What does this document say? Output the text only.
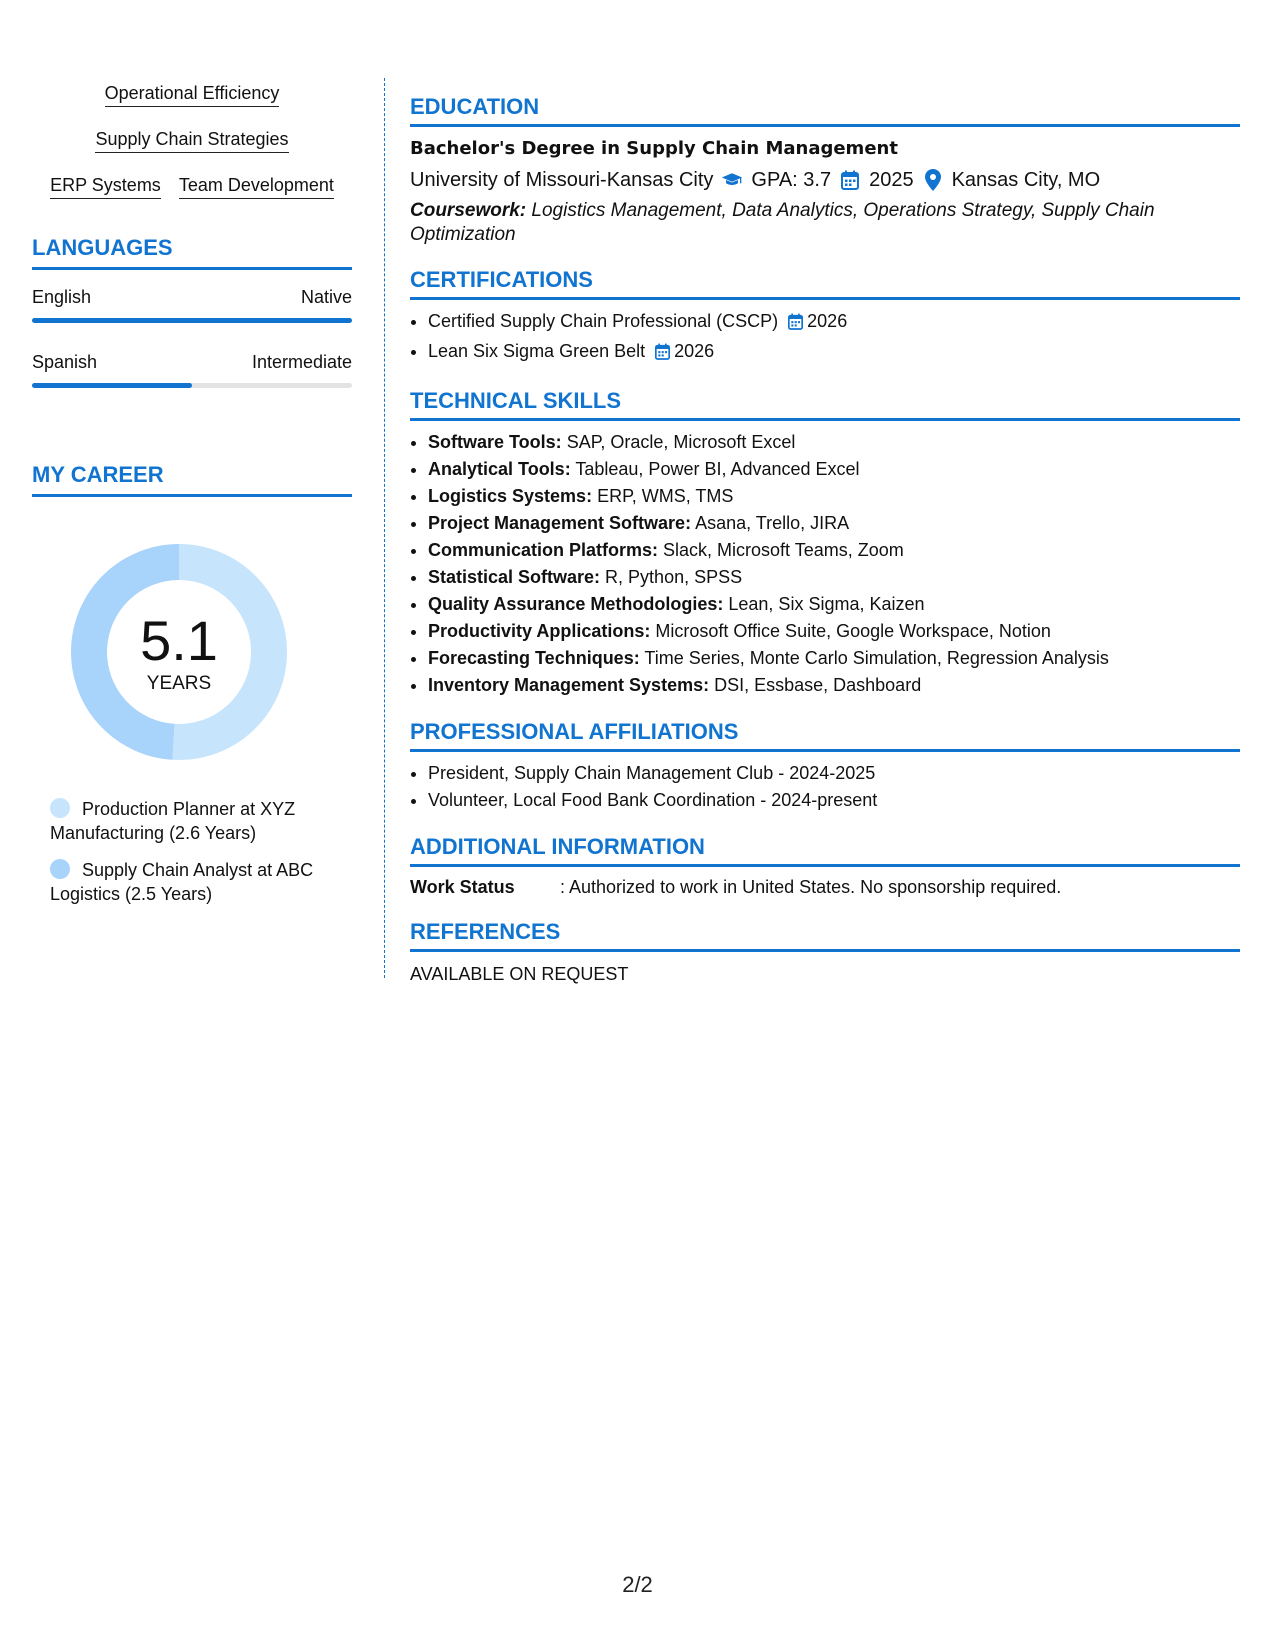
Operational Efficiency
Supply Chain Strategies
ERP Systems Team Development
LANGUAGES
English	Native
Spanish	Intermediate
MY CAREER
5.1
YEARS
Production Planner at XYZ Manufacturing (2.6 Years)
Supply Chain Analyst at ABC Logistics (2.5 Years)
EDUCATION
Bachelor's Degree in Supply Chain Management
University of Missouri-Kansas City GPA: 3.7 2025 Kansas City, MO
Coursework: Logistics Management, Data Analytics, Operations Strategy, Supply Chain Optimization
CERTIFICATIONS
• Certified Supply Chain Professional (CSCP) 2026
• Lean Six Sigma Green Belt 2026
TECHNICAL SKILLS
• Software Tools: SAP, Oracle, Microsoft Excel
• Analytical Tools: Tableau, Power BI, Advanced Excel
• Logistics Systems: ERP, WMS, TMS
• Project Management Software: Asana, Trello, JIRA
• Communication Platforms: Slack, Microsoft Teams, Zoom
• Statistical Software: R, Python, SPSS
• Quality Assurance Methodologies: Lean, Six Sigma, Kaizen
• Productivity Applications: Microsoft Office Suite, Google Workspace, Notion
• Forecasting Techniques: Time Series, Monte Carlo Simulation, Regression Analysis
• Inventory Management Systems: DSI, Essbase, Dashboard
PROFESSIONAL AFFILIATIONS
• President, Supply Chain Management Club - 2024-2025
• Volunteer, Local Food Bank Coordination - 2024-present
ADDITIONAL INFORMATION
Work Status	: Authorized to work in United States. No sponsorship required.
REFERENCES
AVAILABLE ON REQUEST
2/2
